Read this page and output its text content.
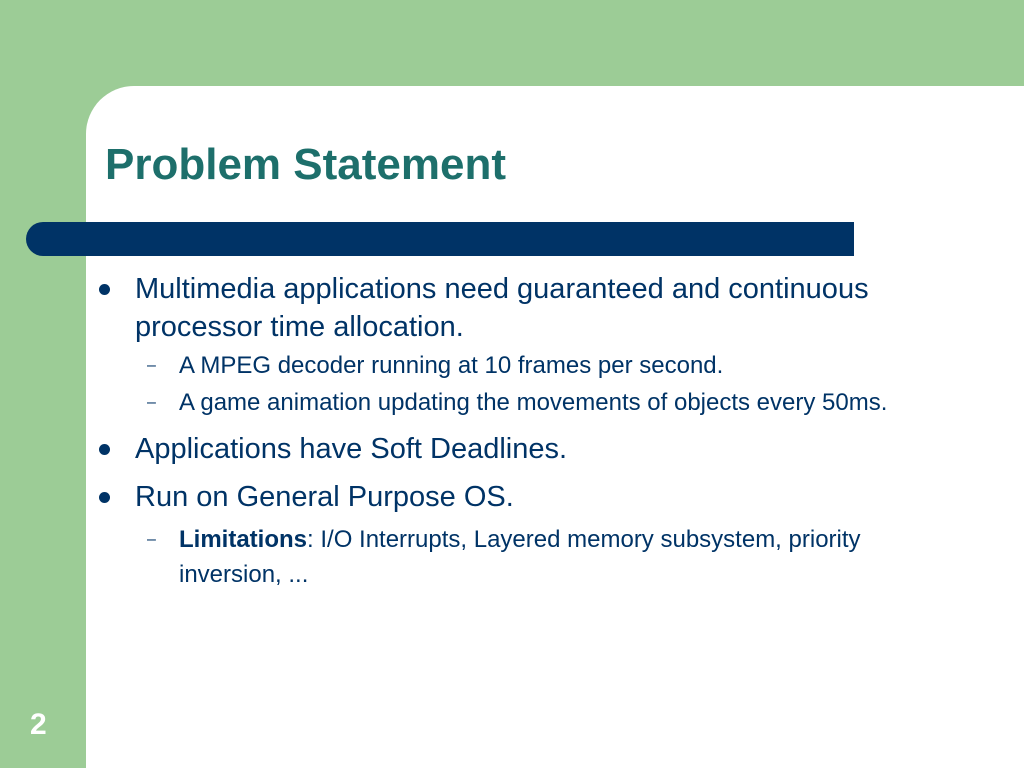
Problem Statement
Multimedia applications need guaranteed and continuous processor time allocation.
– A MPEG decoder running at 10 frames per second.
– A game animation updating the movements of objects every 50ms.
Applications have Soft Deadlines.
Run on General Purpose OS.
– Limitations: I/O Interrupts, Layered memory subsystem, priority inversion, ...
2
